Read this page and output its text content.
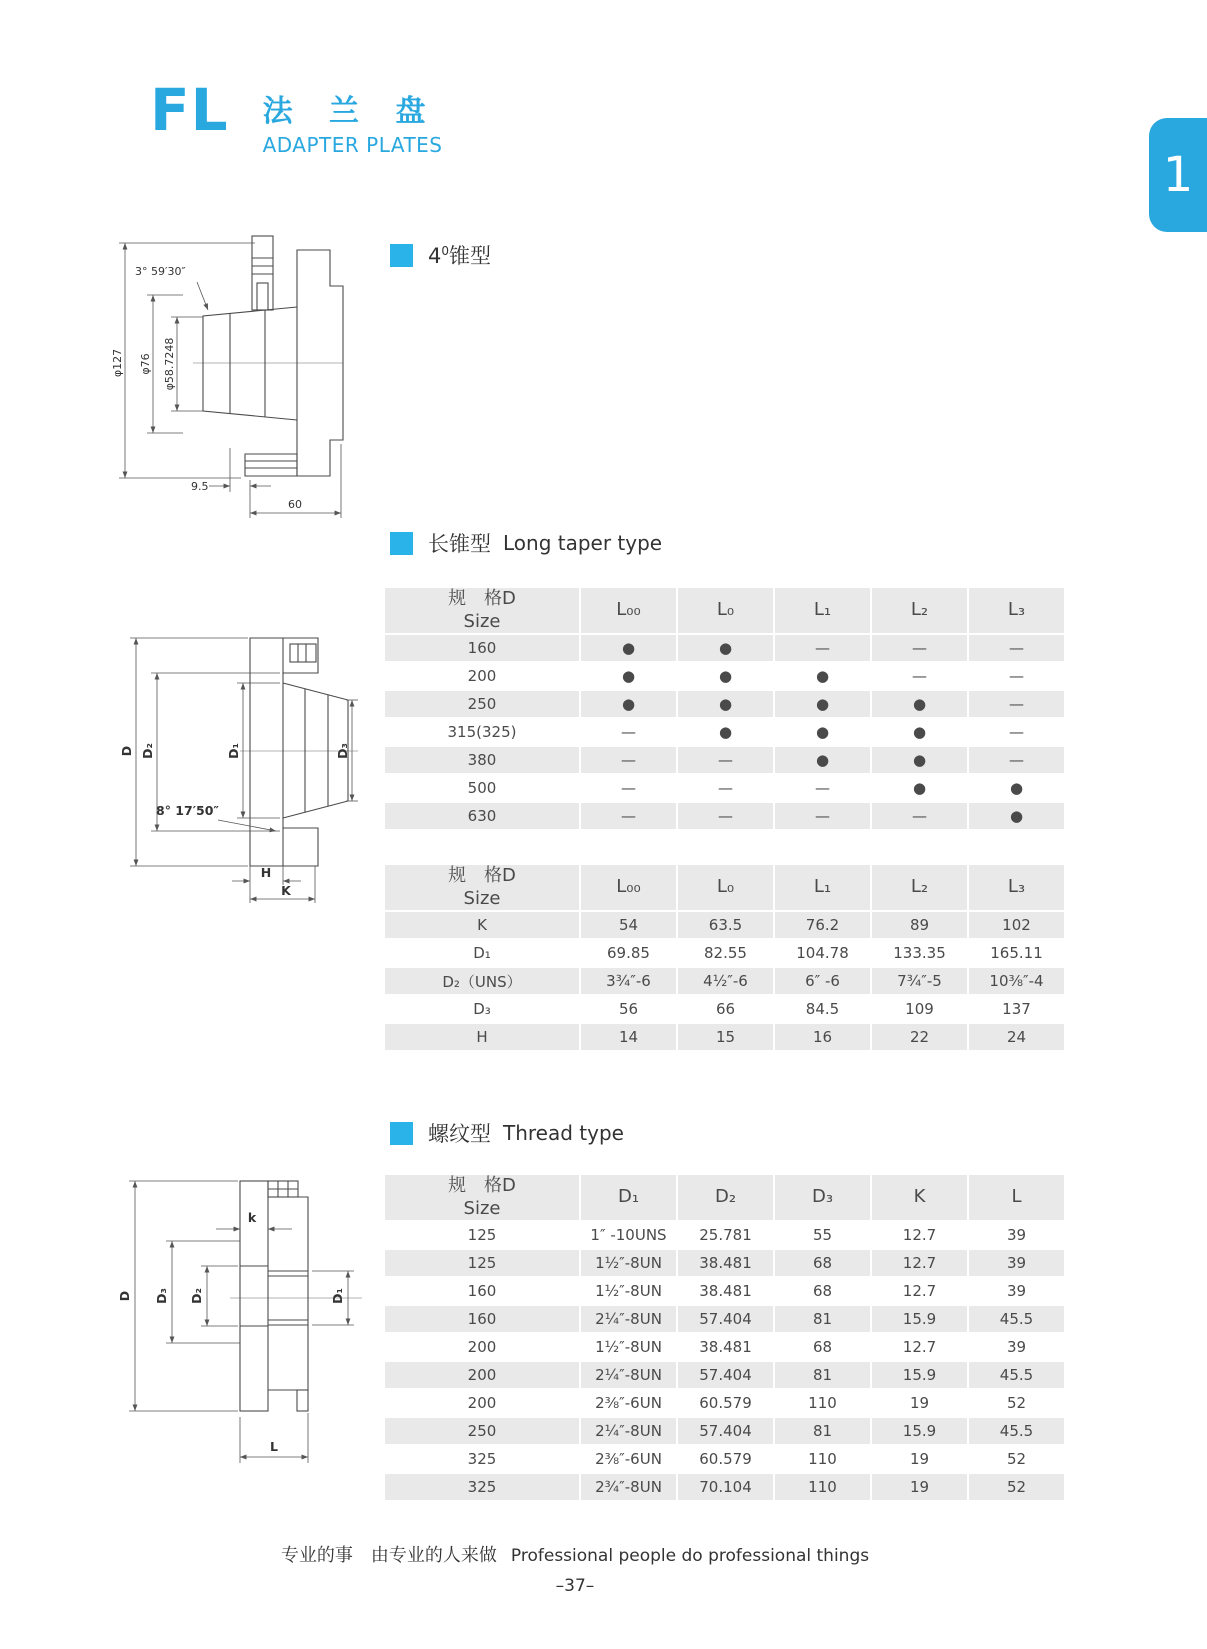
FL 法 兰 盘
ADAPTER PLATES
1
$4^0$锥型
φ127 φ76 φ58.7248
3° 59′30″
9.5
60
长锥型 Long taper type
D D₂	D₁	D₃
8° 17′50″
H
K
规　格D
Size	L₀₀	L₀	L₁	L₂	L₃
160	●	●	—	—	—
200	●	●	●	—	—
250	●	●	●	●	—
315(325)	—	●	●	●	—
380	—	—	●	●	—
500	—	—	—	●	●
630	—	—	—	—	●
规　格D
Size	L₀₀	L₀	L₁	L₂	L₃
K	54	63.5	76.2	89	102
D₁	69.85	82.55	104.78	133.35	165.11
D₂（UNS）	3¾″-6	4½″-6	6″ -6	7¾″-5	10⅜″-4
D₃	56	66	84.5	109	137
H	14	15	16	22	24
螺纹型 Thread type
D D₃ D₂	D₁
k
L
规　格D
Size	D₁	D₂	D₃	K	L
125	1″ -10UNS	25.781	55	12.7	39
125	1½″-8UN	38.481	68	12.7	39
160	1½″-8UN	38.481	68	12.7	39
160	2¼″-8UN	57.404	81	15.9	45.5
200	1½″-8UN	38.481	68	12.7	39
200	2¼″-8UN	57.404	81	15.9	45.5
200	2⅜″-6UN	60.579	110	19	52
250	2¼″-8UN	57.404	81	15.9	45.5
325	2⅜″-6UN	60.579	110	19	52
325	2¾″-8UN	70.104	110	19	52
专业的事　由专业的人来做 Professional people do professional things
–37–
